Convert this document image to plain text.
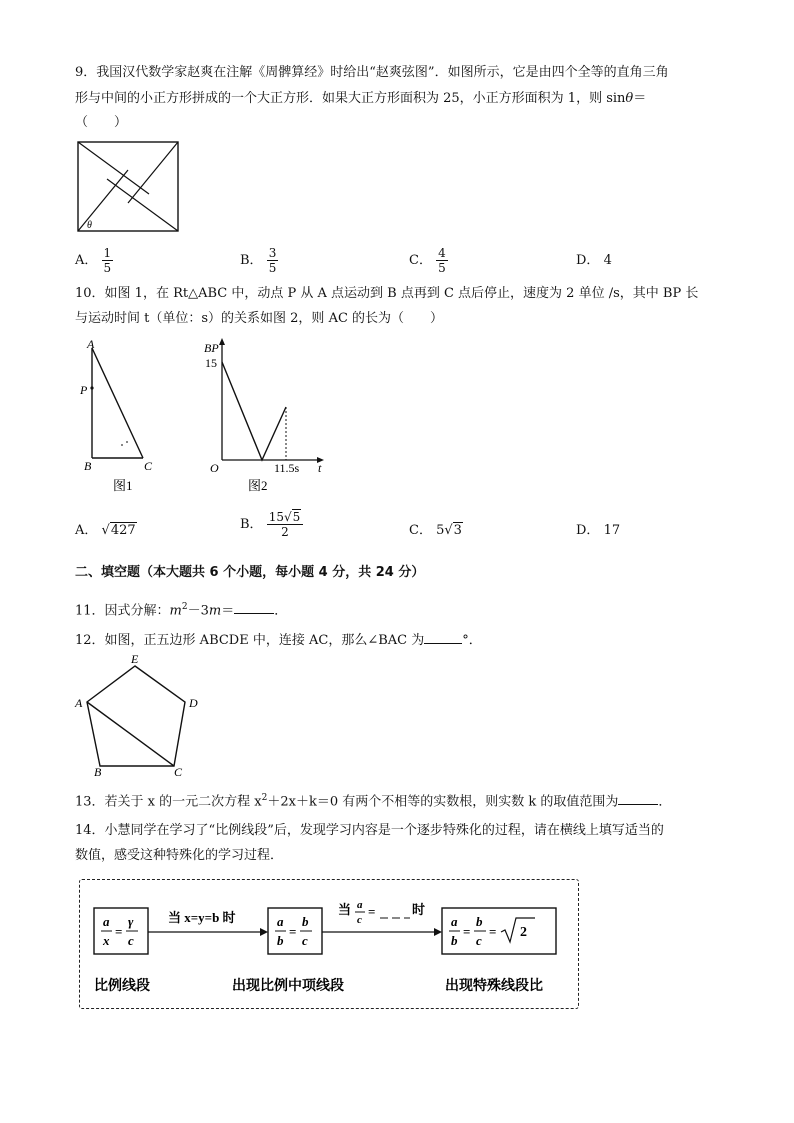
9．我国汉代数学家赵爽在注解《周髀算经》时给出“赵爽弦图”．如图所示，它是由四个全等的直角三角
形与中间的小正方形拼成的一个大正方形．如果大正方形面积为 25，小正方形面积为 1，则 sinθ＝
（　　）
θ
A． $\frac{1}{5}$	B． $\frac{3}{5}$	C． $\frac{4}{5}$	D． 4
10．如图 1，在 Rt△ABC 中，动点 P 从 A 点运动到 B 点再到 C 点后停止，速度为 2 单位 /s，其中 BP 长
与运动时间 t（单位：s）的关系如图 2，则 AC 的长为（　　）
A
P
B	C
图1
BP
15
O	11.5s t
图2
A． √427	B． $\frac{15√5}{2}$	C． 5√3	D． 17
二、填空题（本大题共 6 个小题，每小题 4 分，共 24 分）
11．因式分解：$m^2-3m=$	．
12．如图，正五边形 ABCDE 中，连接 AC，那么∠BAC 为	°．
E
D
C
B
A
13．若关于 x 的一元二次方程 $x^2+2x+k=0$ 有两个不相等的实数根，则实数 k 的取值范围为	．
14．小慧同学在学习了“比例线段”后，发现学习内容是一个逐步特殊化的过程，请在横线上填写适当的
数值，感受这种特殊化的学习过程．
a
x
=
γ
c
当 x=y=b 时	a
b
=
b
c
当 a
c
=	时
a
b
=
b
c
= 2
比例线段	出现比例中项线段	出现特殊线段比
